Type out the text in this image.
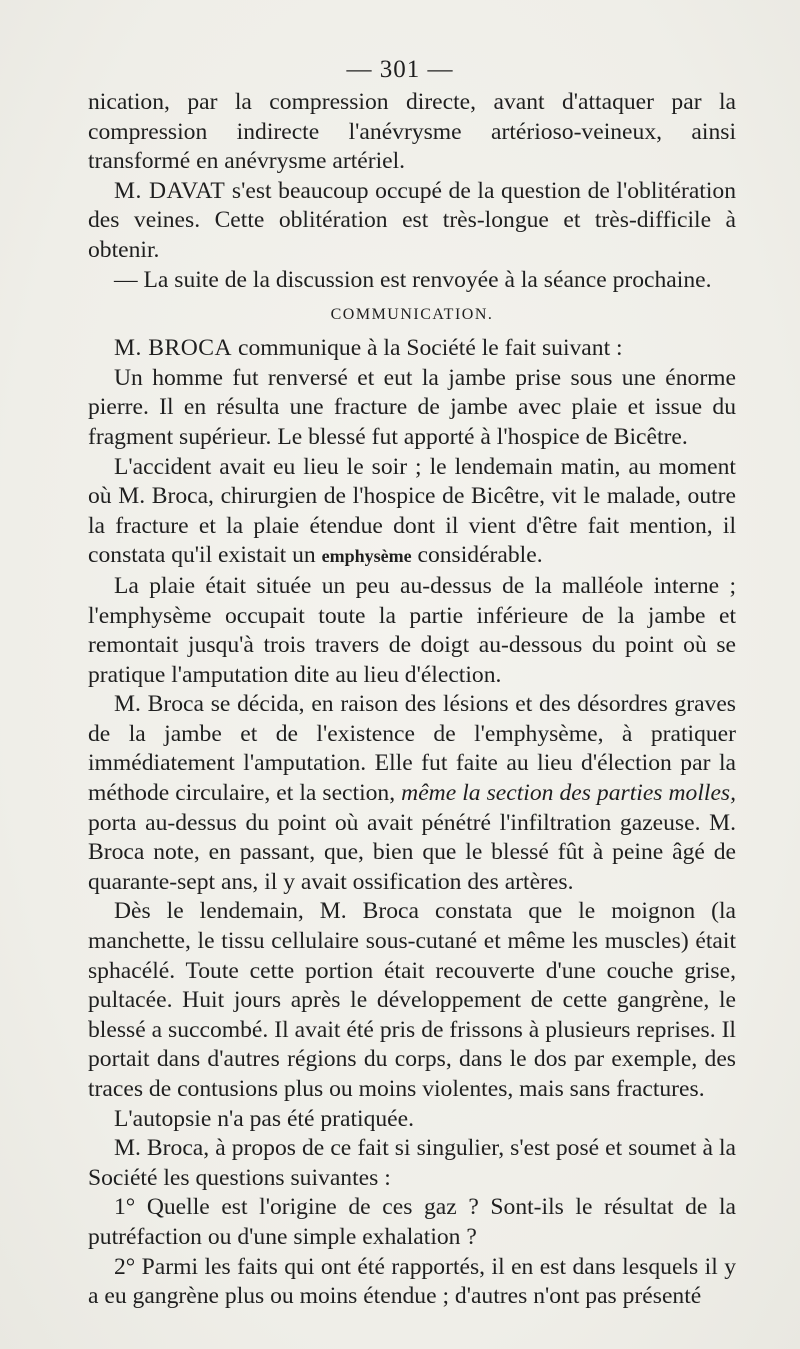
— 301 —

nication, par la compression directe, avant d'attaquer par la compression indirecte l'anévrysme artérioso-veineux, ainsi transformé en anévrysme artériel.

M. DAVAT s'est beaucoup occupé de la question de l'oblitération des veines. Cette oblitération est très-longue et très-difficile à obtenir.

— La suite de la discussion est renvoyée à la séance prochaine.

COMMUNICATION.

M. BROCA communique à la Société le fait suivant :

Un homme fut renversé et eut la jambe prise sous une énorme pierre. Il en résulta une fracture de jambe avec plaie et issue du fragment supérieur. Le blessé fut apporté à l'hospice de Bicêtre.

L'accident avait eu lieu le soir ; le lendemain matin, au moment où M. Broca, chirurgien de l'hospice de Bicêtre, vit le malade, outre la fracture et la plaie étendue dont il vient d'être fait mention, il constata qu'il existait un emphysème considérable.

La plaie était située un peu au-dessus de la malléole interne ; l'emphysème occupait toute la partie inférieure de la jambe et remontait jusqu'à trois travers de doigt au-dessous du point où se pratique l'amputation dite au lieu d'élection.

M. Broca se décida, en raison des lésions et des désordres graves de la jambe et de l'existence de l'emphysème, à pratiquer immédiatement l'amputation. Elle fut faite au lieu d'élection par la méthode circulaire, et la section, même la section des parties molles, porta au-dessus du point où avait pénétré l'infiltration gazeuse. M. Broca note, en passant, que, bien que le blessé fût à peine âgé de quarante-sept ans, il y avait ossification des artères.

Dès le lendemain, M. Broca constata que le moignon (la manchette, le tissu cellulaire sous-cutané et même les muscles) était sphacélé. Toute cette portion était recouverte d'une couche grise, pultacée. Huit jours après le développement de cette gangrène, le blessé a succombé. Il avait été pris de frissons à plusieurs reprises. Il portait dans d'autres régions du corps, dans le dos par exemple, des traces de contusions plus ou moins violentes, mais sans fractures.

L'autopsie n'a pas été pratiquée.

M. Broca, à propos de ce fait si singulier, s'est posé et soumet à la Société les questions suivantes :

1° Quelle est l'origine de ces gaz ? Sont-ils le résultat de la putréfaction ou d'une simple exhalation ?

2° Parmi les faits qui ont été rapportés, il en est dans lesquels il y a eu gangrène plus ou moins étendue ; d'autres n'ont pas présenté
